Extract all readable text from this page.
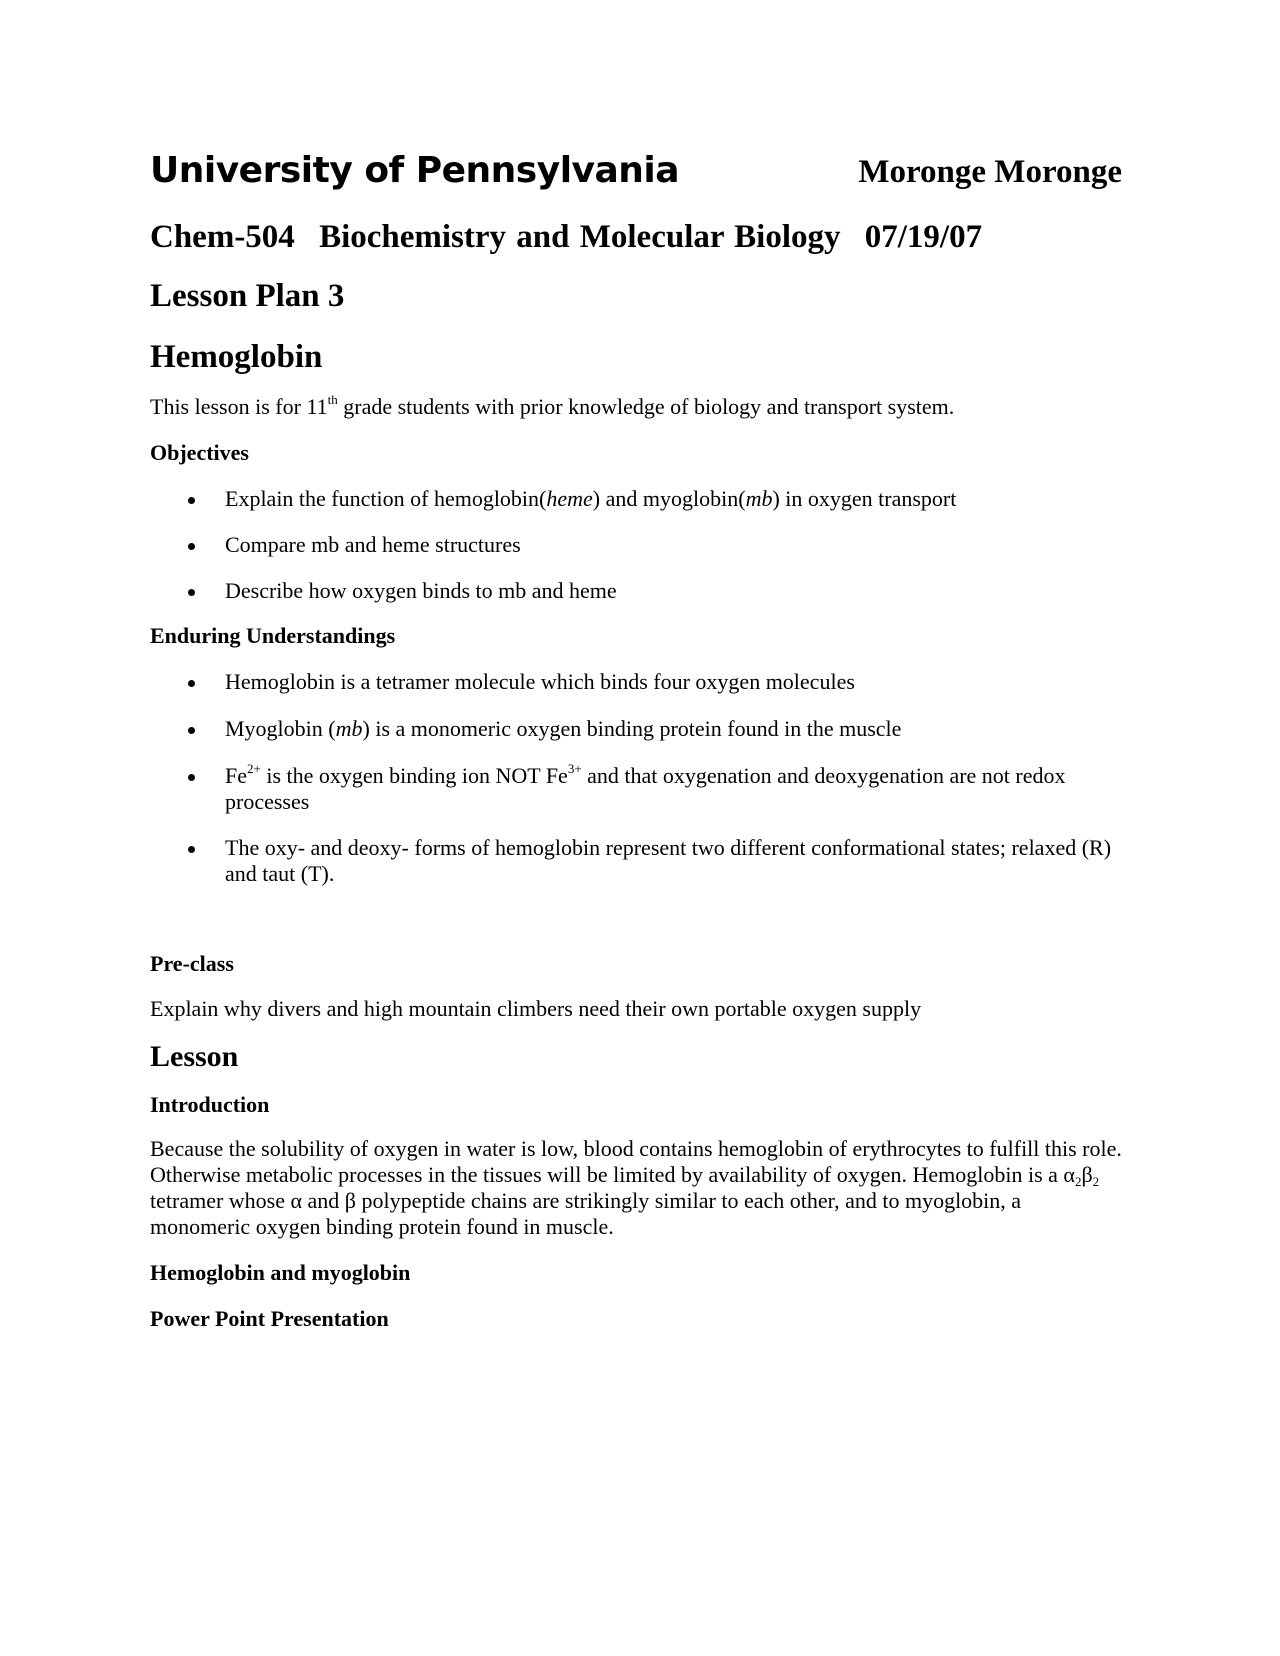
University of Pennsylvania	Moronge Moronge
Chem-504 Biochemistry and Molecular Biology 07/19/07
Lesson Plan 3
Hemoglobin

This lesson is for 11th grade students with prior knowledge of biology and transport system.

Objectives
Explain the function of hemoglobin(heme) and myoglobin(mb) in oxygen transport
Compare mb and heme structures
Describe how oxygen binds to mb and heme
Enduring Understandings
Hemoglobin is a tetramer molecule which binds four oxygen molecules
Myoglobin (mb) is a monomeric oxygen binding protein found in the muscle
$Fe^{2+}$ is the oxygen binding ion NOT $Fe^{3+}$ and that oxygenation and deoxygenation are not redox processes
The oxy- and deoxy- forms of hemoglobin represent two different conformational states; relaxed (R) and taut (T).
Pre-class

Explain why divers and high mountain climbers need their own portable oxygen supply

Lesson
Introduction

Because the solubility of oxygen in water is low, blood contains hemoglobin of erythrocytes to fulfill this role. Otherwise metabolic processes in the tissues will be limited by availability of oxygen. Hemoglobin is a $\alpha_2\beta_2$ tetramer whose α and β polypeptide chains are strikingly similar to each other, and to myoglobin, a monomeric oxygen binding protein found in muscle.

Hemoglobin and myoglobin
Power Point Presentation
